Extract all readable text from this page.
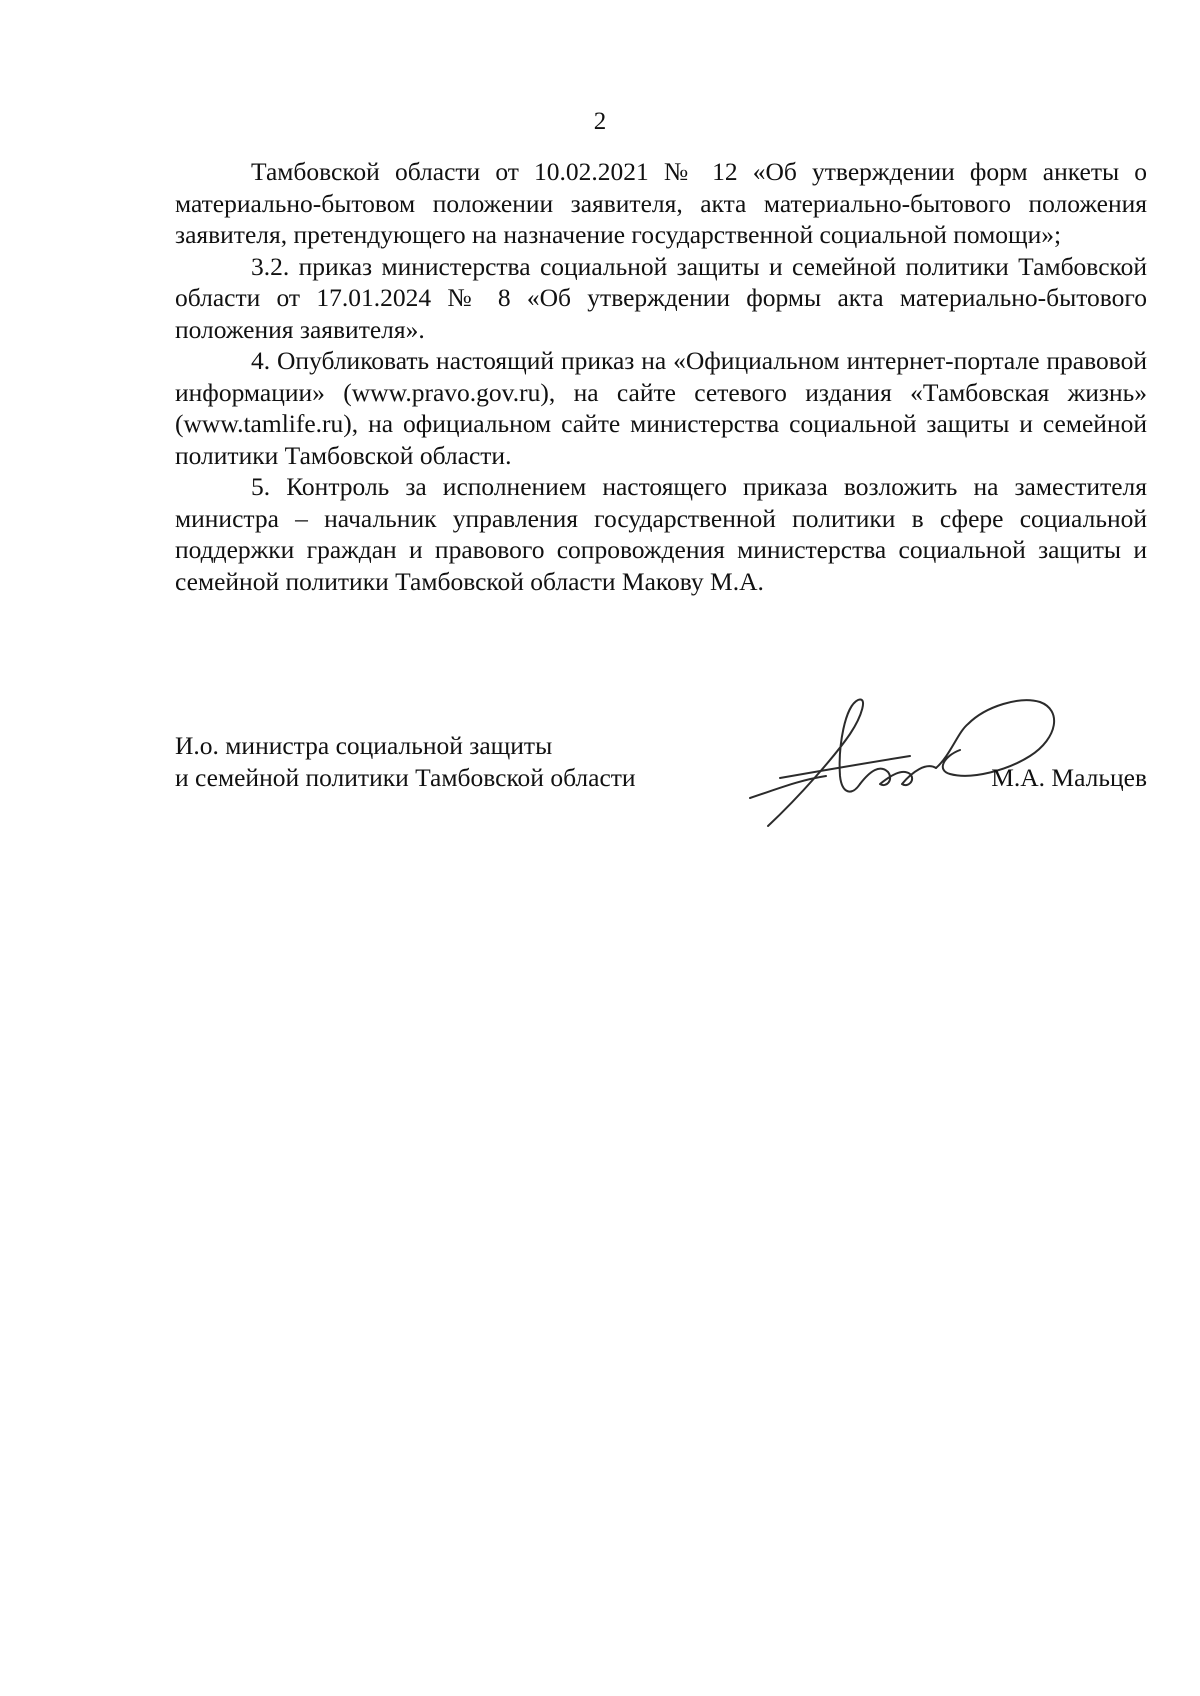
2

Тамбовской области от 10.02.2021 № 12 «Об утверждении форм анкеты о материально-бытовом положении заявителя, акта материально-бытового положения заявителя, претендующего на назначение государственной социальной помощи»;

3.2. приказ министерства социальной защиты и семейной политики Тамбовской области от 17.01.2024 № 8 «Об утверждении формы акта материально-бытового положения заявителя».

4. Опубликовать настоящий приказ на «Официальном интернет-портале правовой информации» (www.pravo.gov.ru), на сайте сетевого издания «Тамбовская жизнь» (www.tamlife.ru), на официальном сайте министерства социальной защиты и семейной политики Тамбовской области.

5. Контроль за исполнением настоящего приказа возложить на заместителя министра – начальник управления государственной политики в сфере социальной поддержки граждан и правового сопровождения министерства социальной защиты и семейной политики Тамбовской области Макову М.А.

И.о. министра социальной защиты
и семейной политики Тамбовской области	М.А. Мальцев
